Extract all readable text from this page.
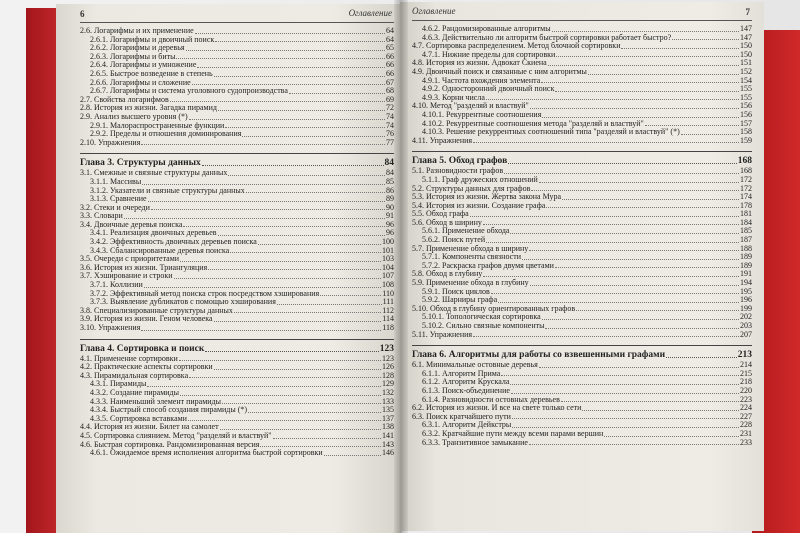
6	Оглавление
2.6. Логарифмы и их применение	64
2.6.1. Логарифмы и двоичный поиск	64
2.6.2. Логарифмы и деревья	65
2.6.3. Логарифмы и биты	66
2.6.4. Логарифмы и умножение	66
2.6.5. Быстрое возведение в степень	66
2.6.6. Логарифмы и сложение	67
2.6.7. Логарифмы и система уголовного судопроизводства	68
2.7. Свойства логарифмов	69
2.8. История из жизни. Загадка пирамид	72
2.9. Анализ высшего уровня (*)	74
2.9.1. Малораспространенные функции	74
2.9.2. Пределы и отношения доминирования	76
2.10. Упражнения	77
Глава 3. Структуры данных	84
3.1. Смежные и связные структуры данных	84
3.1.1. Массивы	85
3.1.2. Указатели и связные структуры данных	86
3.1.3. Сравнение	89
3.2. Стеки и очереди	90
3.3. Словари	91
3.4. Двоичные деревья поиска	96
3.4.1. Реализация двоичных деревьев	96
3.4.2. Эффективность двоичных деревьев поиска	100
3.4.3. Сбалансированные деревья поиска	101
3.5. Очереди с приоритетами	103
3.6. История из жизни. Триангуляция	104
3.7. Хэширование и строки	107
3.7.1. Коллизии	108
3.7.2. Эффективный метод поиска строк посредством хэширования	110
3.7.3. Выявление дубликатов с помощью хэширования	111
3.8. Специализированные структуры данных	112
3.9. История из жизни. Геном человека	114
3.10. Упражнения	118
Глава 4. Сортировка и поиск	123
4.1. Применение сортировки	123
4.2. Практические аспекты сортировки	126
4.3. Пирамидальная сортировка	128
4.3.1. Пирамиды	129
4.3.2. Создание пирамиды	132
4.3.3. Наименьший элемент пирамиды	133
4.3.4. Быстрый способ создания пирамиды (*)	135
4.3.5. Сортировка вставками	137
4.4. История из жизни. Билет на самолет	138
4.5. Сортировка слиянием. Метод "разделяй и властвуй"	141
4.6. Быстрая сортировка. Рандомизированная версия	143
4.6.1. Ожидаемое время исполнения алгоритма быстрой сортировки	146
Оглавление	7
4.6.2. Рандомизированные алгоритмы	147
4.6.3. Действительно ли алгоритм быстрой сортировки работает быстро?	147
4.7. Сортировка распределением. Метод блочной сортировки	150
4.7.1. Нижние пределы для сортировки	150
4.8. История из жизни. Адвокат Скиена	151
4.9. Двоичный поиск и связанные с ним алгоритмы	152
4.9.1. Частота вхождения элемента	154
4.9.2. Односторонний двоичный поиск	155
4.9.3. Корни числа	155
4.10. Метод "разделяй и властвуй"	156
4.10.1. Рекуррентные соотношения	156
4.10.2. Рекуррентные соотношения метода "разделяй и властвуй"	157
4.10.3. Решение рекуррентных соотношений типа "разделяй и властвуй" (*)	158
4.11. Упражнения	159
Глава 5. Обход графов	168
5.1. Разновидности графов	168
5.1.1. Граф дружеских отношений	172
5.2. Структуры данных для графов	172
5.3. История из жизни. Жертва закона Мура	174
5.4. История из жизни. Создание графа	178
5.5. Обход графа	181
5.6. Обход в ширину	184
5.6.1. Применение обхода	185
5.6.2. Поиск путей	187
5.7. Применение обхода в ширину	188
5.7.1. Компоненты связности	189
5.7.2. Раскраска графов двумя цветами	189
5.8. Обход в глубину	191
5.9. Применение обхода в глубину	194
5.9.1. Поиск циклов	195
5.9.2. Шарниры графа	196
5.10. Обход в глубину ориентированных графов	199
5.10.1. Топологическая сортировка	202
5.10.2. Сильно связные компоненты	203
5.11. Упражнения	207
Глава 6. Алгоритмы для работы со взвешенными графами	213
6.1. Минимальные остовные деревья	214
6.1.1. Алгоритм Прима	215
6.1.2. Алгоритм Крускала	218
6.1.3. Поиск-объединение	220
6.1.4. Разновидности остовных деревьев	223
6.2. История из жизни. И все на свете только сети	224
6.3. Поиск кратчайшего пути	227
6.3.1. Алгоритм Дейкстры	228
6.3.2. Кратчайшие пути между всеми парами вершин	231
6.3.3. Транзитивное замыкание	233
